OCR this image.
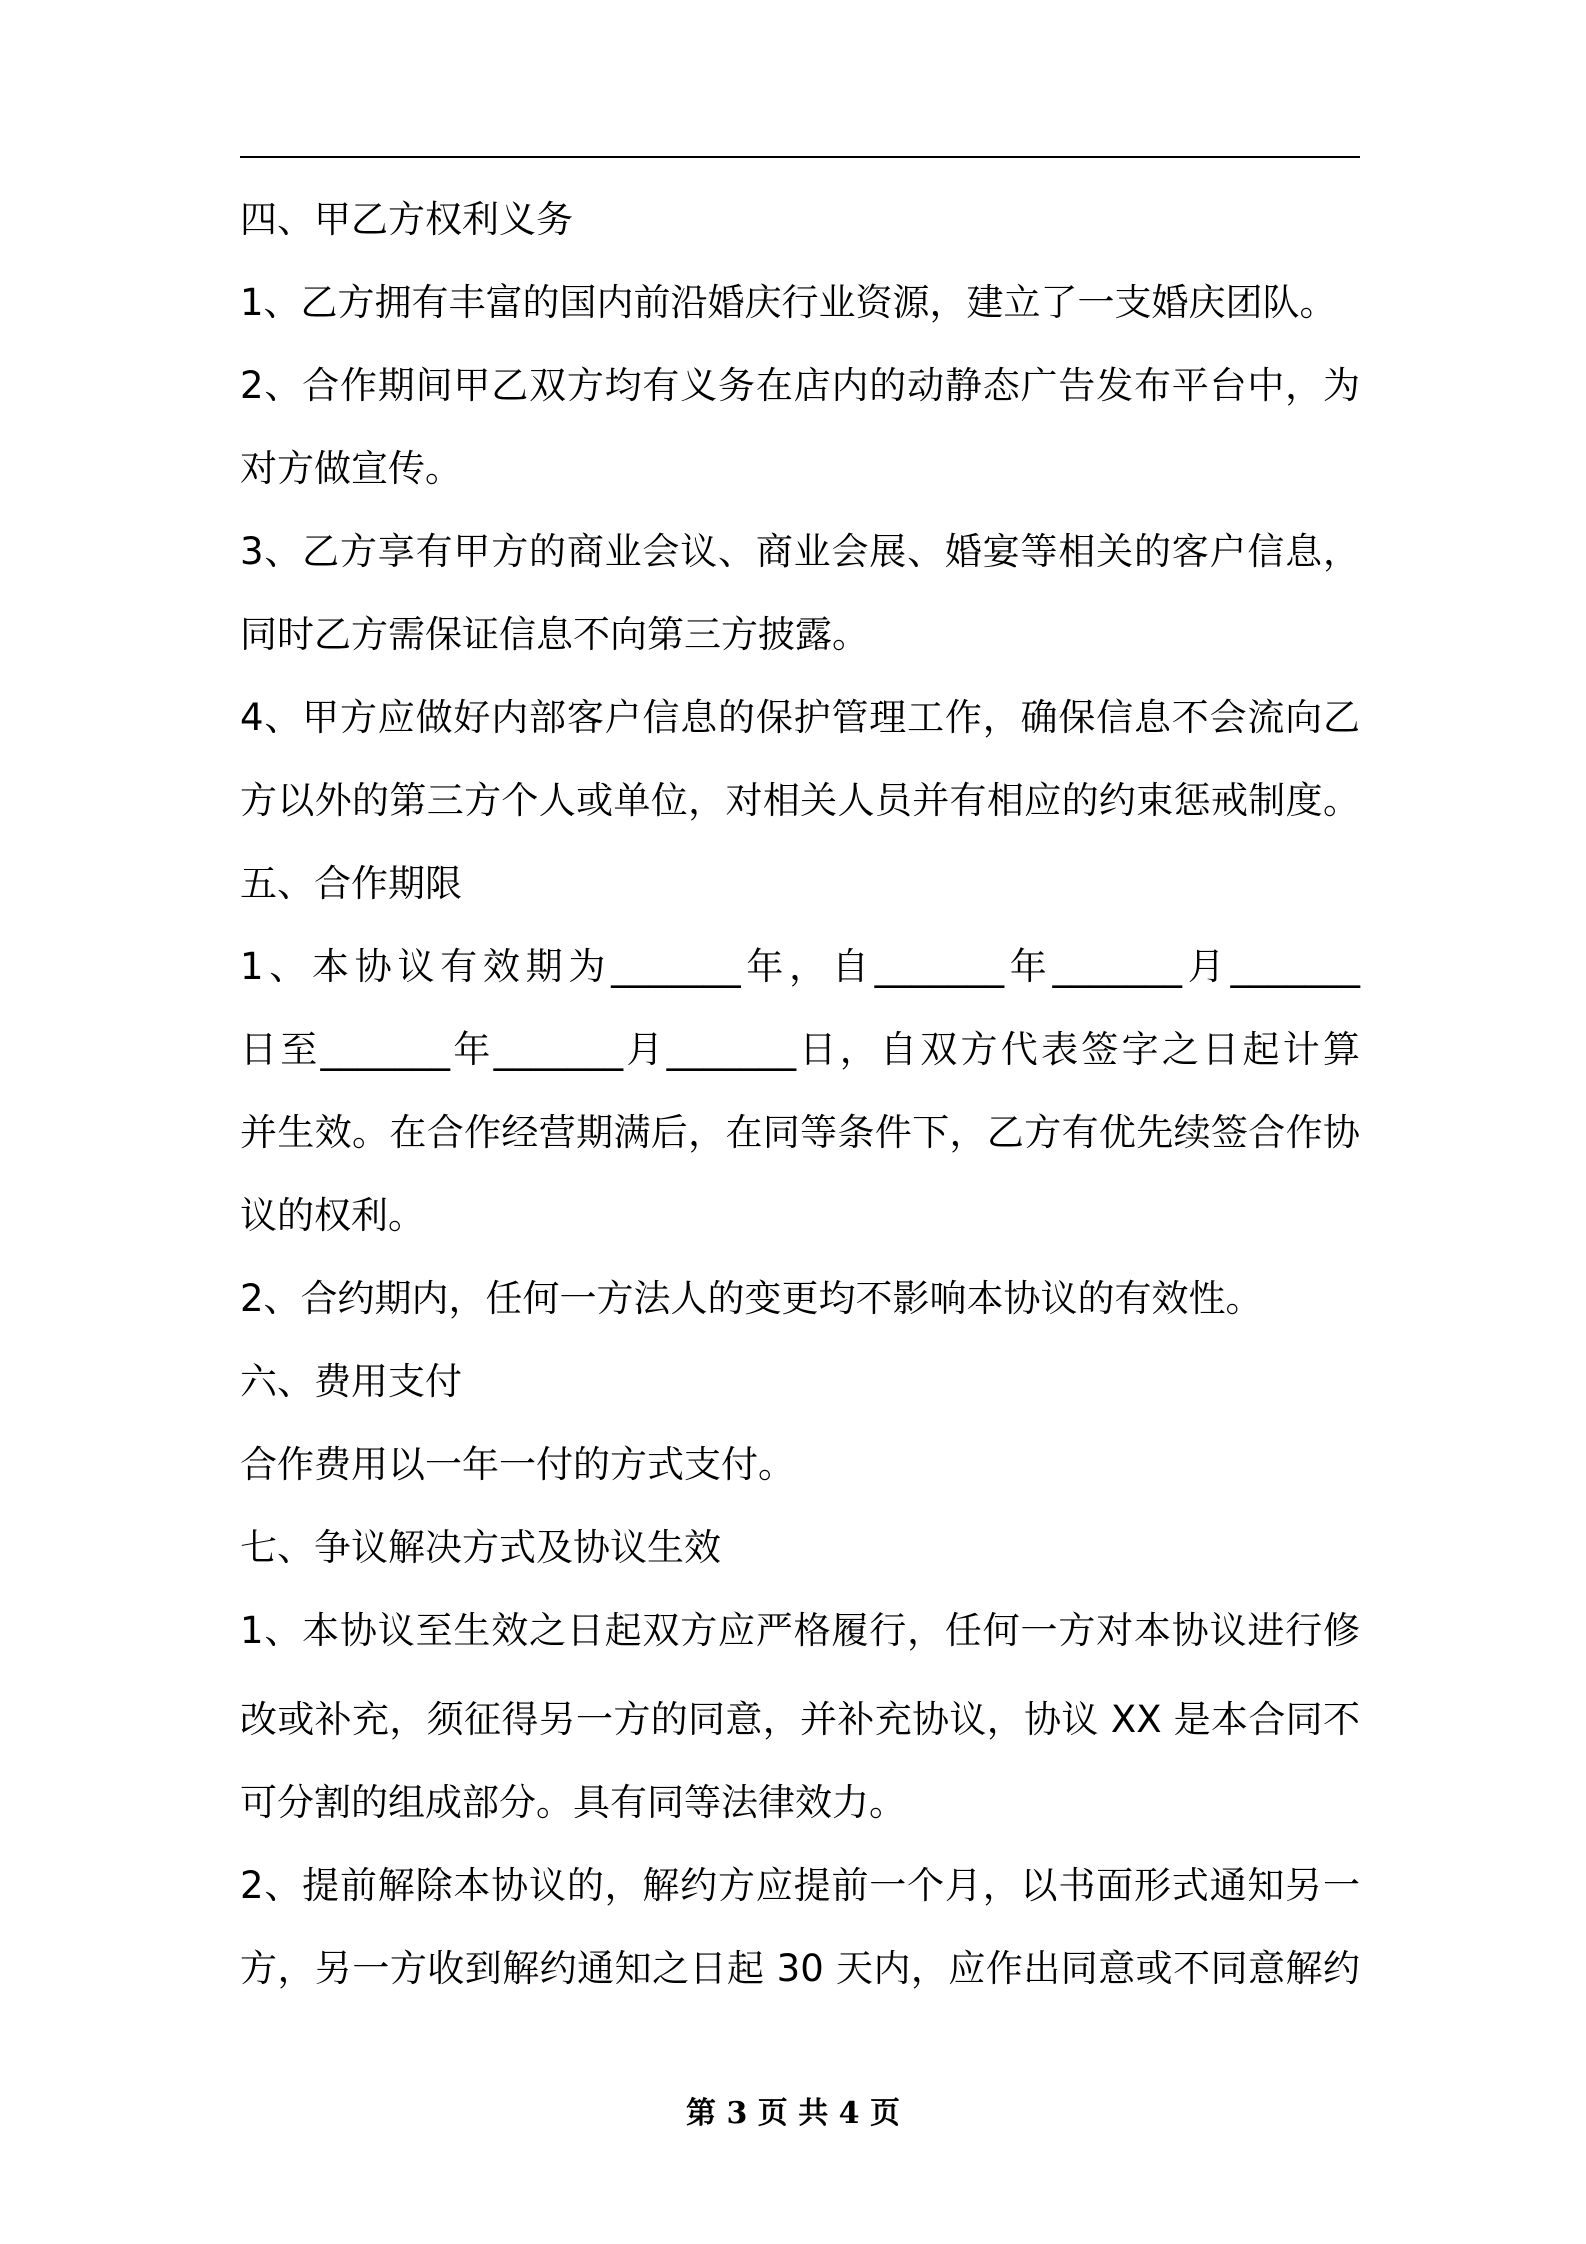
四、甲乙方权利义务
1、乙方拥有丰富的国内前沿婚庆行业资源，建立了一支婚庆团队。
2、合作期间甲乙双方均有义务在店内的动静态广告发布平台中，为
对方做宣传。
3、乙方享有甲方的商业会议、商业会展、婚宴等相关的客户信息，
同时乙方需保证信息不向第三方披露。
4、甲方应做好内部客户信息的保护管理工作，确保信息不会流向乙
方以外的第三方个人或单位，对相关人员并有相应的约束惩戒制度。
五、合作期限
1、本协议有效期为_______年，自_______年_______月_______
日至_______年_______月_______日，自双方代表签字之日起计算
并生效。在合作经营期满后，在同等条件下，乙方有优先续签合作协
议的权利。
2、合约期内，任何一方法人的变更均不影响本协议的有效性。
六、费用支付
合作费用以一年一付的方式支付。
七、争议解决方式及协议生效
1、本协议至生效之日起双方应严格履行，任何一方对本协议进行修
改或补充，须征得另一方的同意，并补充协议，协议 XX 是本合同不
可分割的组成部分。具有同等法律效力。
2、提前解除本协议的，解约方应提前一个月，以书面形式通知另一
方，另一方收到解约通知之日起 30 天内，应作出同意或不同意解约
第 3 页 共 4 页
